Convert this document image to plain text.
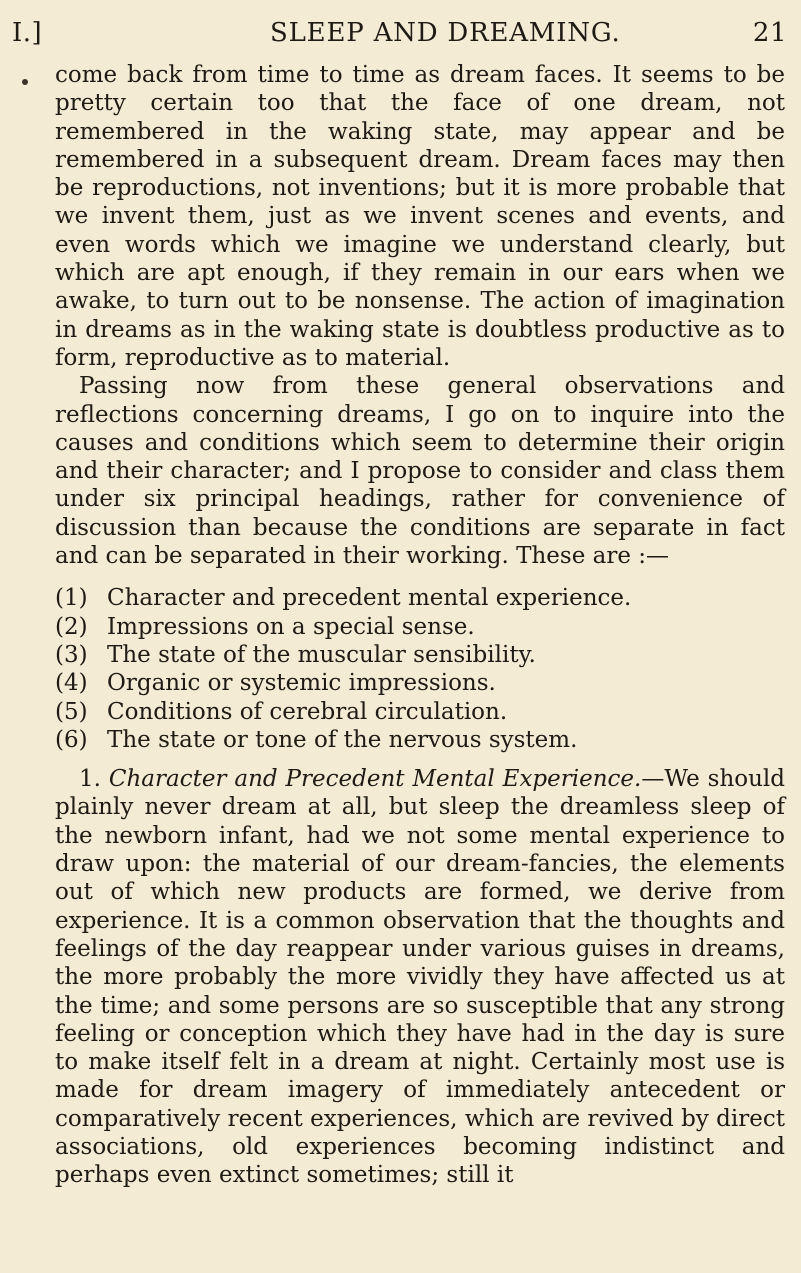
I.]	SLEEP AND DREAMING.	21

come back from time to time as dream faces. It seems to be pretty certain too that the face of one dream, not remembered in the waking state, may appear and be remembered in a subsequent dream. Dream faces may then be reproductions, not inventions; but it is more probable that we invent them, just as we invent scenes and events, and even words which we imagine we understand clearly, but which are apt enough, if they remain in our ears when we awake, to turn out to be nonsense. The action of imagination in dreams as in the waking state is doubtless productive as to form, reproductive as to material.

Passing now from these general observations and reflections concerning dreams, I go on to inquire into the causes and conditions which seem to determine their origin and their character; and I propose to consider and class them under six principal headings, rather for convenience of discussion than because the conditions are separate in fact and can be separated in their working. These are :—

(1) Character and precedent mental experience.
(2) Impressions on a special sense.
(3) The state of the muscular sensibility.
(4) Organic or systemic impressions.
(5) Conditions of cerebral circulation.
(6) The state or tone of the nervous system.

1. Character and Precedent Mental Experience.—We should plainly never dream at all, but sleep the dreamless sleep of the newborn infant, had we not some mental experience to draw upon: the material of our dream-fancies, the elements out of which new products are formed, we derive from experience. It is a common observation that the thoughts and feelings of the day reappear under various guises in dreams, the more probably the more vividly they have affected us at the time; and some persons are so susceptible that any strong feeling or conception which they have had in the day is sure to make itself felt in a dream at night. Certainly most use is made for dream imagery of immediately antecedent or comparatively recent experiences, which are revived by direct associations, old experiences becoming indistinct and perhaps even extinct sometimes; still it
